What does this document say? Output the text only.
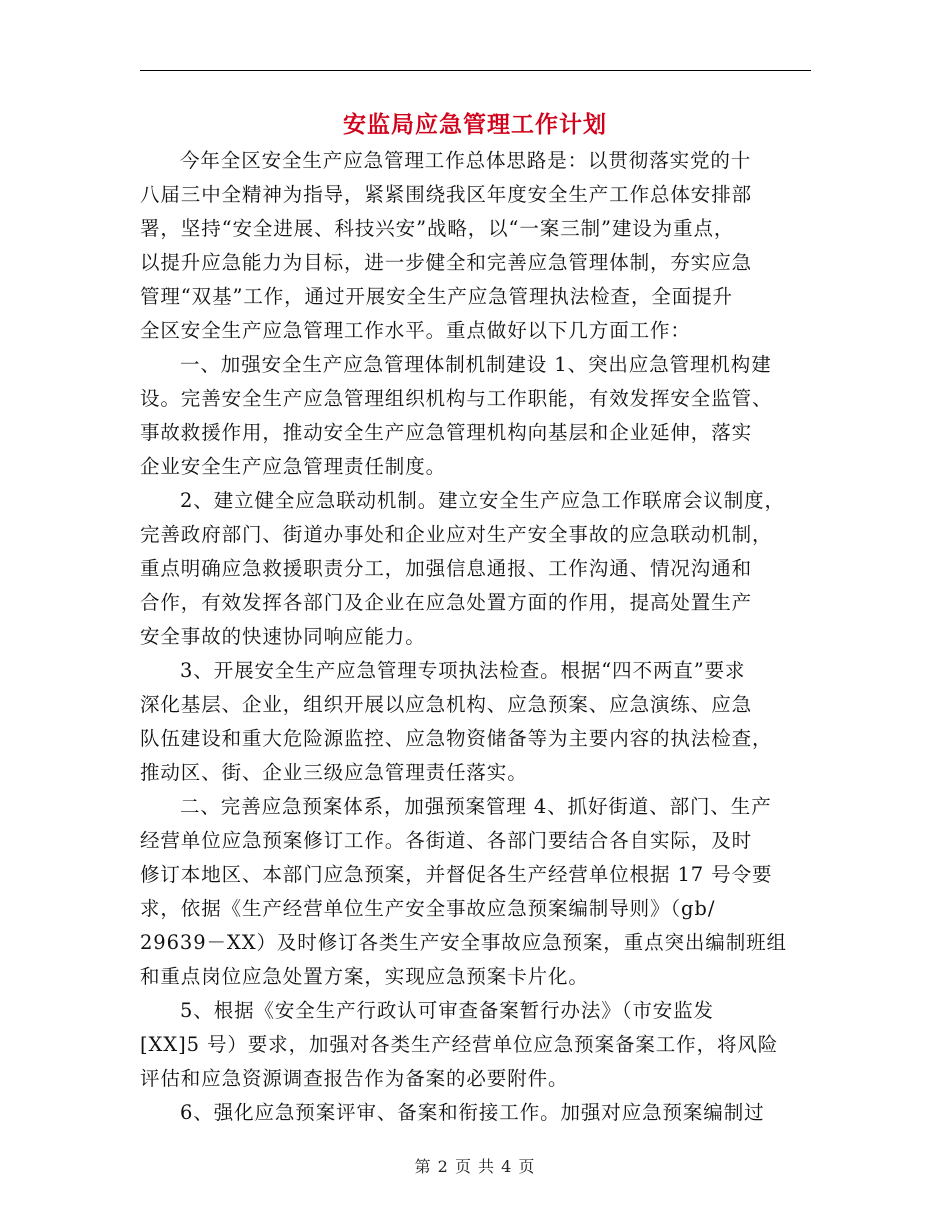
安监局应急管理工作计划
今年全区安全生产应急管理工作总体思路是：以贯彻落实党的十
八届三中全精神为指导，紧紧围绕我区年度安全生产工作总体安排部
署，坚持“安全进展、科技兴安”战略，以“一案三制”建设为重点，
以提升应急能力为目标，进一步健全和完善应急管理体制，夯实应急
管理“双基”工作，通过开展安全生产应急管理执法检查，全面提升
全区安全生产应急管理工作水平。重点做好以下几方面工作：
一、加强安全生产应急管理体制机制建设 1、突出应急管理机构建
设。完善安全生产应急管理组织机构与工作职能，有效发挥安全监管、
事故救援作用，推动安全生产应急管理机构向基层和企业延伸，落实
企业安全生产应急管理责任制度。
2、建立健全应急联动机制。建立安全生产应急工作联席会议制度，
完善政府部门、街道办事处和企业应对生产安全事故的应急联动机制，
重点明确应急救援职责分工，加强信息通报、工作沟通、情况沟通和
合作，有效发挥各部门及企业在应急处置方面的作用，提高处置生产
安全事故的快速协同响应能力。
3、开展安全生产应急管理专项执法检查。根据“四不两直”要求
深化基层、企业，组织开展以应急机构、应急预案、应急演练、应急
队伍建设和重大危险源监控、应急物资储备等为主要内容的执法检查，
推动区、街、企业三级应急管理责任落实。
二、完善应急预案体系，加强预案管理 4、抓好街道、部门、生产
经营单位应急预案修订工作。各街道、各部门要结合各自实际，及时
修订本地区、本部门应急预案，并督促各生产经营单位根据 17 号令要
求，依据《生产经营单位生产安全事故应急预案编制导则》（gb/
29639－XX）及时修订各类生产安全事故应急预案，重点突出编制班组
和重点岗位应急处置方案，实现应急预案卡片化。
5、根据《安全生产行政认可审查备案暂行办法》（市安监发
[XX]5 号）要求，加强对各类生产经营单位应急预案备案工作，将风险
评估和应急资源调查报告作为备案的必要附件。
6、强化应急预案评审、备案和衔接工作。加强对应急预案编制过
第 2 页 共 4 页
